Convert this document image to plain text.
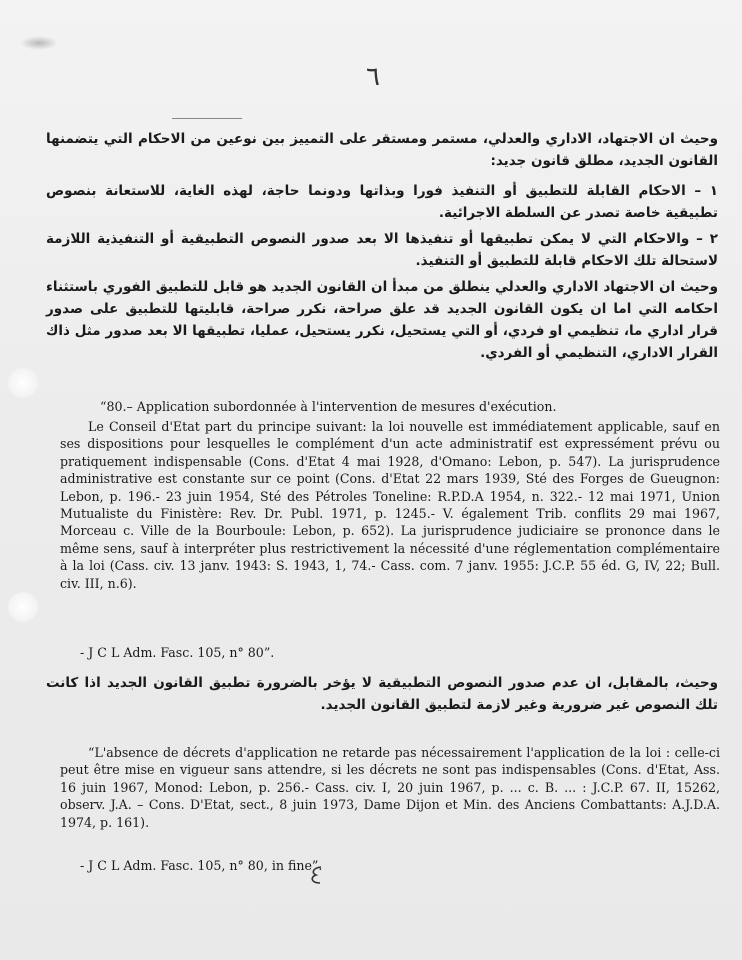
٦

وحيث ان الاجتهاد، الاداري والعدلي، مستمر ومستقر على التمييز بين نوعين من الاحكام التي يتضمنها القانون الجديد، مطلق قانون جديد:

١ – الاحكام القابلة للتطبيق أو التنفيذ فورا وبذاتها ودونما حاجة، لهذه الغاية، للاستعانة بنصوص تطبيقية خاصة تصدر عن السلطة الاجرائية.

٢ – والاحكام التي لا يمكن تطبيقها أو تنفيذها الا بعد صدور النصوص التطبيقية أو التنفيذية اللازمة لاستحالة تلك الاحكام قابلة للتطبيق أو التنفيذ.

وحيث ان الاجتهاد الاداري والعدلي ينطلق من مبدأ ان القانون الجديد هو قابل للتطبيق الفوري باستثناء احكامه التي اما ان يكون القانون الجديد قد علق صراحة، نكرر صراحة، قابليتها للتطبيق على صدور قرار اداري ما، تنظيمي او فردي، أو التي يستحيل، نكرر يستحيل، عمليا، تطبيقها الا بعد صدور مثل ذاك القرار الاداري، التنظيمي أو الفردي.

“80.– Application subordonnée à l'intervention de mesures d'exécution.

Le Conseil d'Etat part du principe suivant: la loi nouvelle est immédiatement applicable, sauf en ses dispositions pour lesquelles le complément d'un acte administratif est expressément prévu ou pratiquement indispensable (Cons. d'Etat 4 mai 1928, d'Omano: Lebon, p. 547). La jurisprudence administrative est constante sur ce point (Cons. d'Etat 22 mars 1939, Sté des Forges de Gueugnon: Lebon, p. 196.- 23 juin 1954, Sté des Pétroles Toneline: R.P.D.A 1954, n. 322.- 12 mai 1971, Union Mutualiste du Finistère: Rev. Dr. Publ. 1971, p. 1245.- V. également Trib. conflits 29 mai 1967, Morceau c. Ville de la Bourboule: Lebon, p. 652). La jurisprudence judiciaire se prononce dans le même sens, sauf à interpréter plus restrictivement la nécessité d'une réglementation complémentaire à la loi (Cass. civ. 13 janv. 1943: S. 1943, 1, 74.- Cass. com. 7 janv. 1955: J.C.P. 55 éd. G, IV, 22; Bull. civ. III, n.6).

- J C L Adm. Fasc. 105, n° 80”.

وحيث، بالمقابل، ان عدم صدور النصوص التطبيقية لا يؤخر بالضرورة تطبيق القانون الجديد اذا كانت تلك النصوص غير ضرورية وغير لازمة لتطبيق القانون الجديد.

“L'absence de décrets d'application ne retarde pas nécessairement l'application de la loi : celle-ci peut être mise en vigueur sans attendre, si les décrets ne sont pas indispensables (Cons. d'Etat, Ass. 16 juin 1967, Monod: Lebon, p. 256.- Cass. civ. I, 20 juin 1967, p. ... c. B. ... : J.C.P. 67. II, 15262, observ. J.A. – Cons. D'Etat, sect., 8 juin 1973, Dame Dijon et Min. des Anciens Combattants: A.J.D.A. 1974, p. 161).

- J C L Adm. Fasc. 105, n° 80, in fine”.
